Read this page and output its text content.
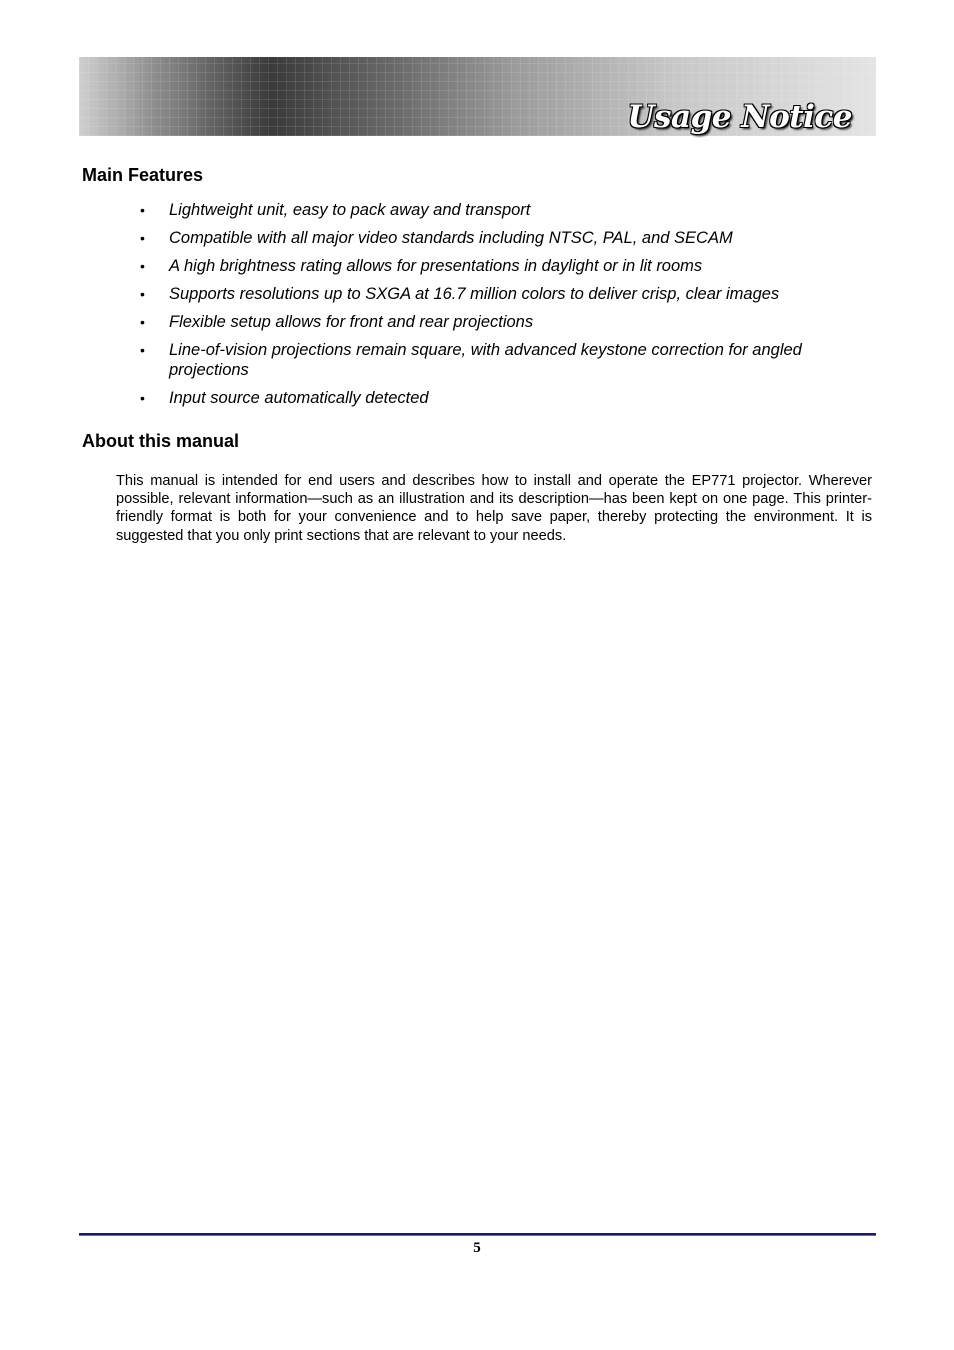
Usage Notice
Main Features
• Lightweight unit, easy to pack away and transport
• Compatible with all major video standards including NTSC, PAL, and SECAM
• A high brightness rating allows for presentations in daylight or in lit rooms
• Supports resolutions up to SXGA at 16.7 million colors to deliver crisp, clear images
• Flexible setup allows for front and rear projections
• Line-of-vision projections remain square, with advanced keystone correction for angled projections
• Input source automatically detected
About this manual

This manual is intended for end users and describes how to install and operate the EP771 projector. Wherever possible, relevant information—such as an illustration and its description—has been kept on one page. This printer-friendly format is both for your convenience and to help save paper, thereby protecting the environment. It is suggested that you only print sections that are relevant to your needs.

5
